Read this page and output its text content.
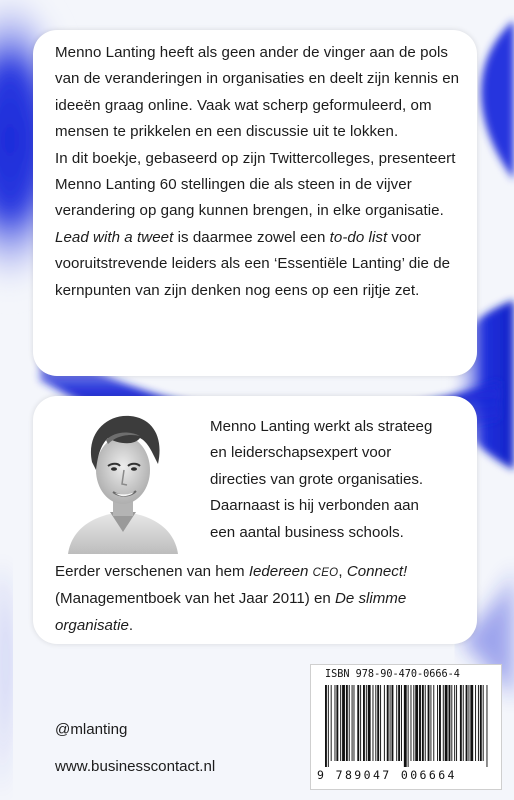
Menno Lanting heeft als geen ander de vinger aan de pols van de veranderingen in organisaties en deelt zijn kennis en ideeën graag online. Vaak wat scherp geformuleerd, om mensen te prikkelen en een discussie uit te lokken.
In dit boekje, gebaseerd op zijn Twittercolleges, presenteert Menno Lanting 60 stellingen die als steen in de vijver verandering op gang kunnen brengen, in elke organisatie. Lead with a tweet is daarmee zowel een to-do list voor vooruitstrevende leiders als een ‘Essentiële Lanting’ die de kernpunten van zijn denken nog eens op een rijtje zet.
Menno Lanting werkt als strateeg
en leiderschapsexpert voor
directies van grote organisaties.
Daarnaast is hij verbonden aan
een aantal business schools.
Eerder verschenen van hem Iedereen CEO, Connect!
(Managementboek van het Jaar 2011) en De slimme
organisatie.
@mlanting
www.businesscontact.nl
ISBN 978-90-470-0666-4
9 789047 006664
